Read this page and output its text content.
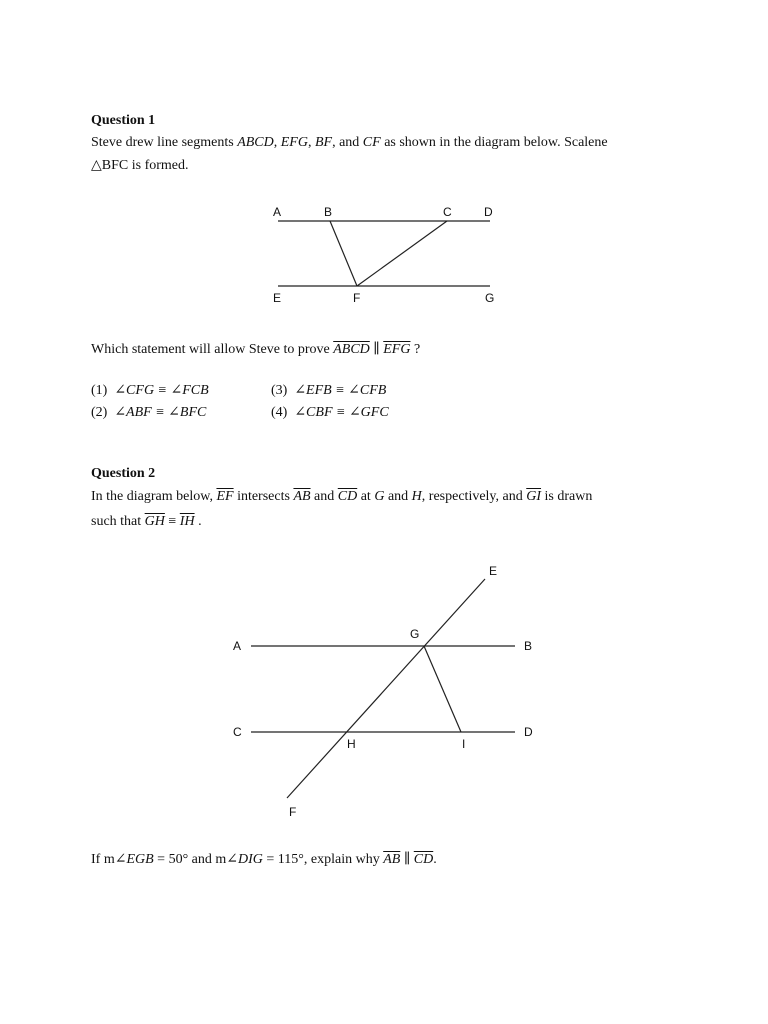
Question 1
Steve drew line segments ABCD, EFG, BF, and CF as shown in the diagram below. Scalene
△BFC is formed.
A	B	C	D
E	F	G
E
A
G
B
C	D
H	I
F
Which statement will allow Steve to prove ABCD ∥ $\overline{EFG}$ ?
(1) ∠CFG ≡ ∠FCB
(2) ∠ABF ≡ ∠BFC
(3) ∠EFB ≡ ∠CFB
(4) ∠CBF ≡ ∠GFC
Question 2
In the diagram below, $\overline{EF}$ intersects $\overline{AB}$ and $\overline{CD}$ at G and H, respectively, and $\overline{GI}$ is drawn
such that $\overline{GH} \equiv \overline{IH}$ .
If m∠EGB = 50° and m∠DIG = 115°, explain why $\overline{AB}$ ∥ $\overline{CD}$.
